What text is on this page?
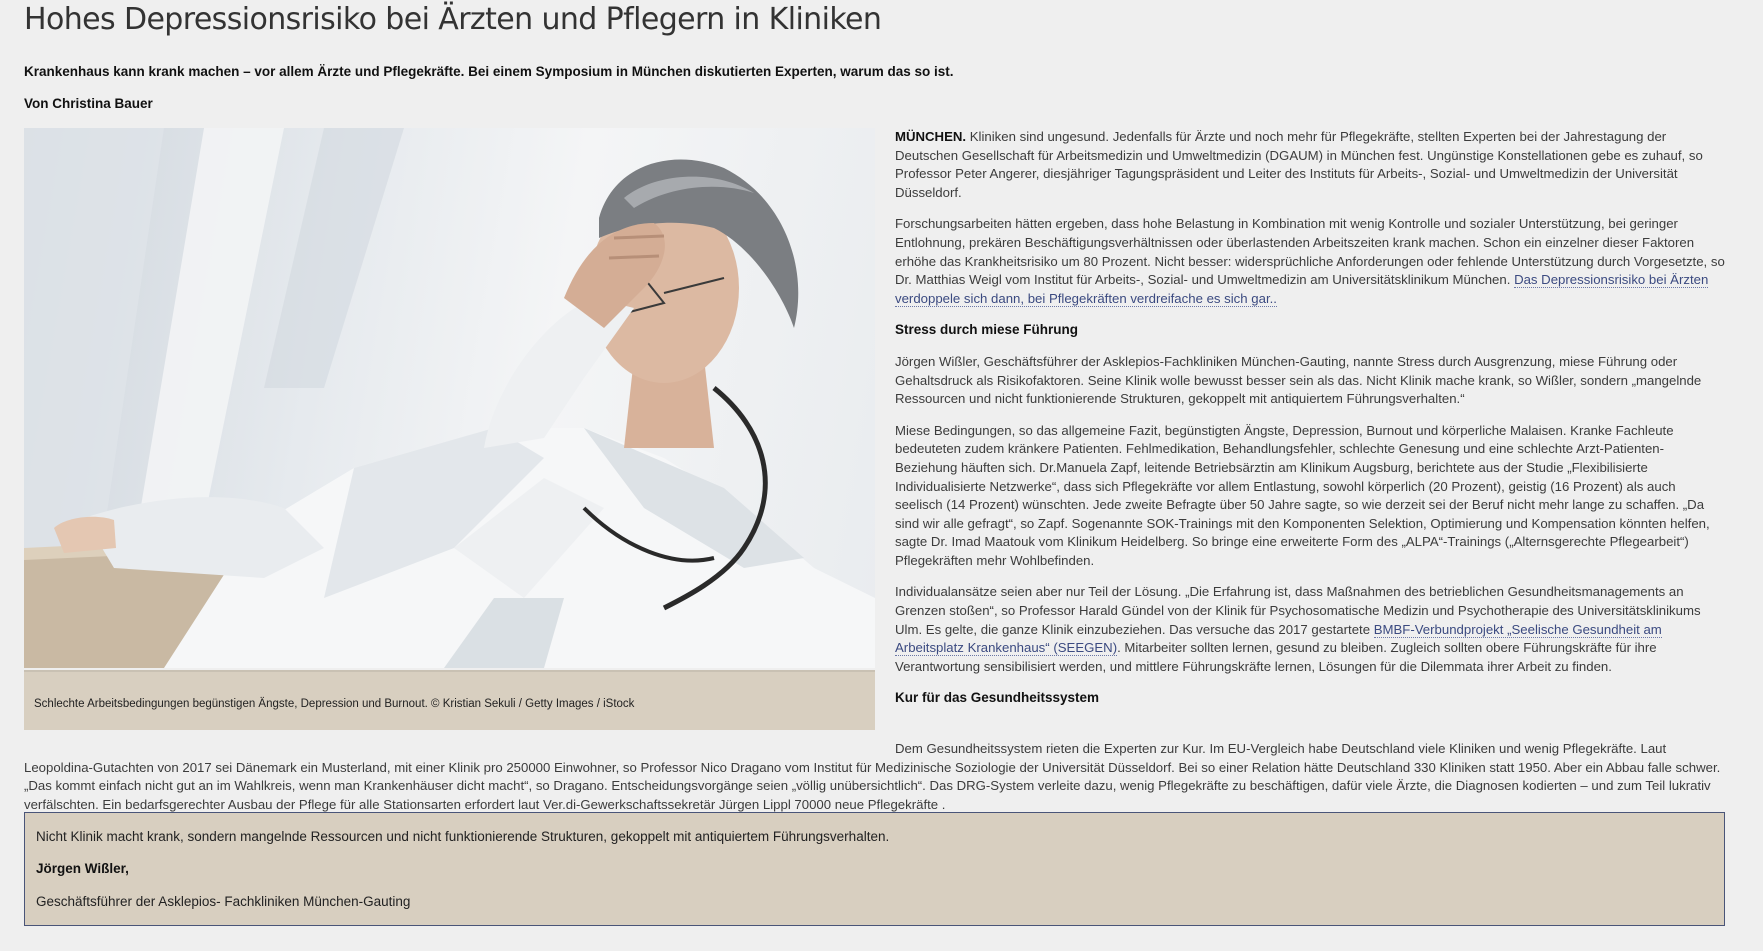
Hohes Depressionsrisiko bei Ärzten und Pflegern in Kliniken

Krankenhaus kann krank machen – vor allem Ärzte und Pflegekräfte. Bei einem Symposium in München diskutierten Experten, warum das so ist.

Von Christina Bauer

Schlechte Arbeitsbedingungen begünstigen Ängste, Depression und Burnout. © Kristian Sekuli / Getty Images / iStock

MÜNCHEN. Kliniken sind ungesund. Jedenfalls für Ärzte und noch mehr für Pflegekräfte, stellten Experten bei der Jahrestagung der Deutschen Gesellschaft für Arbeitsmedizin und Umweltmedizin (DGAUM) in München fest. Ungünstige Konstellationen gebe es zuhauf, so Professor Peter Angerer, diesjähriger Tagungspräsident und Leiter des Instituts für Arbeits-, Sozial- und Umweltmedizin der Universität Düsseldorf.

Forschungsarbeiten hätten ergeben, dass hohe Belastung in Kombination mit wenig Kontrolle und sozialer Unterstützung, bei geringer Entlohnung, prekären Beschäftigungsverhältnissen oder überlastenden Arbeitszeiten krank machen. Schon ein einzelner dieser Faktoren erhöhe das Krankheitsrisiko um 80 Prozent. Nicht besser: widersprüchliche Anforderungen oder fehlende Unterstützung durch Vorgesetzte, so Dr. Matthias Weigl vom Institut für Arbeits-, Sozial- und Umweltmedizin am Universitätsklinikum München. Das Depressionsrisiko bei Ärzten verdoppele sich dann, bei Pflegekräften verdreifache es sich gar..

Stress durch miese Führung

Jörgen Wißler, Geschäftsführer der Asklepios-Fachkliniken München-Gauting, nannte Stress durch Ausgrenzung, miese Führung oder Gehaltsdruck als Risikofaktoren. Seine Klinik wolle bewusst besser sein als das. Nicht Klinik mache krank, so Wißler, sondern „mangelnde Ressourcen und nicht funktionierende Strukturen, gekoppelt mit antiquiertem Führungsverhalten.“

Miese Bedingungen, so das allgemeine Fazit, begünstigten Ängste, Depression, Burnout und körperliche Malaisen. Kranke Fachleute bedeuteten zudem kränkere Patienten. Fehlmedikation, Behandlungsfehler, schlechte Genesung und eine schlechte Arzt-Patienten-Beziehung häuften sich. Dr.Manuela Zapf, leitende Betriebsärztin am Klinikum Augsburg, berichtete aus der Studie „Flexibilisierte Individualisierte Netzwerke“, dass sich Pflegekräfte vor allem Entlastung, sowohl körperlich (20 Prozent), geistig (16 Prozent) als auch seelisch (14 Prozent) wünschten. Jede zweite Befragte über 50 Jahre sagte, so wie derzeit sei der Beruf nicht mehr lange zu schaffen. „Da sind wir alle gefragt“, so Zapf. Sogenannte SOK-Trainings mit den Komponenten Selektion, Optimierung und Kompensation könnten helfen, sagte Dr. Imad Maatouk vom Klinikum Heidelberg. So bringe eine erweiterte Form des „ALPA“-Trainings („Alternsgerechte Pflegearbeit“) Pflegekräften mehr Wohlbefinden.

Individualansätze seien aber nur Teil der Lösung. „Die Erfahrung ist, dass Maßnahmen des betrieblichen Gesundheitsmanagements an Grenzen stoßen“, so Professor Harald Gündel von der Klinik für Psychosomatische Medizin und Psychotherapie des Universitätsklinikums Ulm. Es gelte, die ganze Klinik einzubeziehen. Das versuche das 2017 gestartete BMBF-Verbundprojekt „Seelische Gesundheit am Arbeitsplatz Krankenhaus“ (SEEGEN). Mitarbeiter sollten lernen, gesund zu bleiben. Zugleich sollten obere Führungskräfte für ihre Verantwortung sensibilisiert werden, und mittlere Führungskräfte lernen, Lösungen für die Dilemmata ihrer Arbeit zu finden.

Kur für das Gesundheitssystem

Dem Gesundheitssystem rieten die Experten zur Kur. Im EU-Vergleich habe Deutschland viele Kliniken und wenig Pflegekräfte. Laut Leopoldina-Gutachten von 2017 sei Dänemark ein Musterland, mit einer Klinik pro 250000 Einwohner, so Professor Nico Dragano vom Institut für Medizinische Soziologie der Universität Düsseldorf. Bei so einer Relation hätte Deutschland 330 Kliniken statt 1950. Aber ein Abbau falle schwer. „Das kommt einfach nicht gut an im Wahlkreis, wenn man Krankenhäuser dicht macht“, so Dragano. Entscheidungsvorgänge seien „völlig unübersichtlich“. Das DRG-System verleite dazu, wenig Pflegekräfte zu beschäftigen, dafür viele Ärzte, die Diagnosen kodierten – und zum Teil lukrativ verfälschten. Ein bedarfsgerechter Ausbau der Pflege für alle Stationsarten erfordert laut Ver.di-Gewerkschaftssekretär Jürgen Lippl 70000 neue Pflegekräfte .

Nicht Klinik macht krank, sondern mangelnde Ressourcen und nicht funktionierende Strukturen, gekoppelt mit antiquiertem Führungsverhalten.

Jörgen Wißler,

Geschäftsführer der Asklepios- Fachkliniken München-Gauting
